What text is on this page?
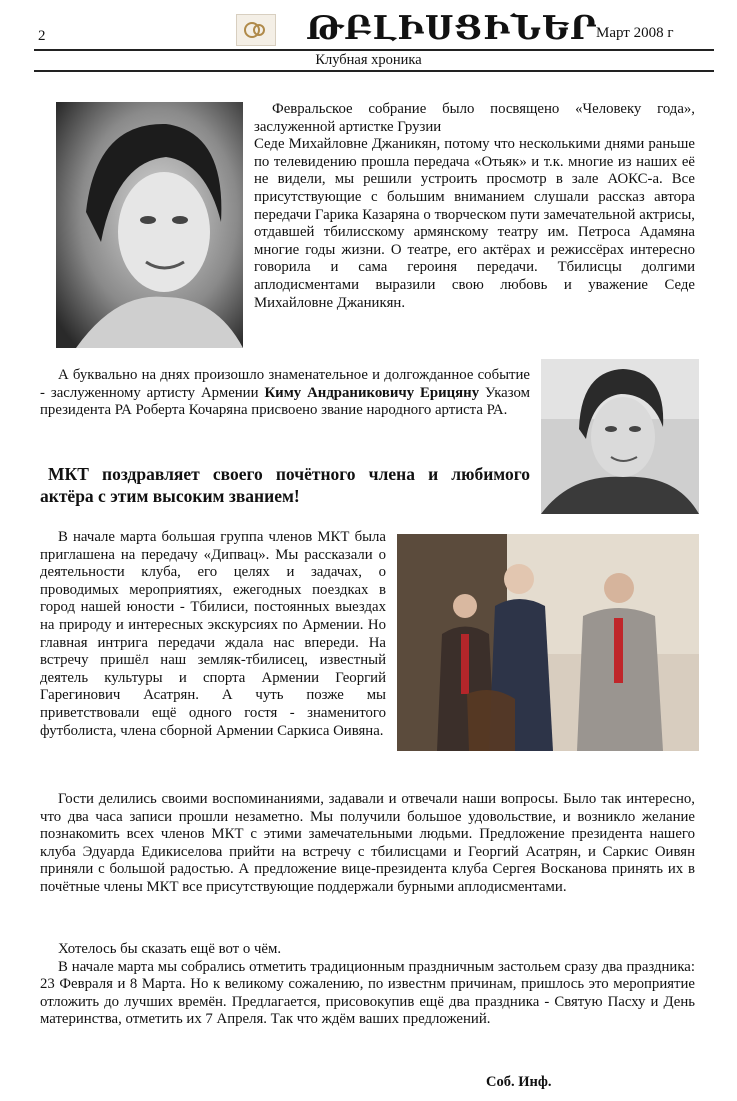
2	ԹԲԼԻՍՑԻՆԵՐ
Март 2008 г
Клубная хроника

Февральское собрание было посвящено «Человеку года», заслуженной артистке Грузии

Седе Михайловне Джаникян, потому что несколькими днями раньше по телевидению прошла передача «Отьяк» и т.к. многие из наших её не видели, мы решили устроить просмотр в зале АОКС-а. Все присутствующие с большим вниманием слушали рассказ автора передачи Гарика Казаряна о творческом пути замечательной актрисы, отдавшей тбилисскому армянскому театру им. Петроса Адамяна многие годы жизни. О театре, его актёрах и режиссёрах интересно говорила и сама героиня передачи. Тбилисцы долгими аплодисментами выразили свою любовь и уважение Седе Михайловне Джаникян.

А буквально на днях произошло знаменательное и долгожданное событие - заслуженному артисту Армении Киму Андраниковичу Ерицяну Указом президента РА Роберта Кочаряна присвоено звание народного артиста РА.

МКТ поздравляет своего почётного члена и любимого актёра с этим высоким званием!

В начале марта большая группа членов МКТ была приглашена на передачу «Дипвац». Мы рассказали о деятельности клуба, его целях и задачах, о проводимых мероприятиях, ежегодных поездках в город нашей юности - Тбилиси, постоянных выездах на природу и интересных экскурсиях по Армении. Но главная интрига передачи ждала нас впереди. На встречу пришёл наш земляк-тбилисец, известный деятель культуры и спорта Армении Георгий Гарегинович Асатрян. А чуть позже мы приветствовали ещё одного гостя - знаменитого футболиста, члена сборной Армении Саркиса Оивяна.

Гости делились своими воспоминаниями, задавали и отвечали наши вопросы. Было так интересно, что два часа записи прошли незаметно. Мы получили большое удовольствие, и возникло желание познакомить всех членов МКТ с этими замечательными людьми. Предложение президента нашего клуба Эдуарда Едикиселова прийти на встречу с тбилисцами и Георгий Асатрян, и Саркис Оивян приняли с большой радостью. А предложение вице-президента клуба Сергея Восканова принять их в почётные члены МКТ все присутствующие поддержали бурными аплодисментами.

Хотелось бы сказать ещё вот о чём.

В начале марта мы собрались отметить традиционным праздничным застольем сразу два праздника: 23 Февраля и 8 Марта. Но к великому сожалению, по известнм причинам, пришлось это мероприятие отложить до лучших времён. Предлагается, присовокупив ещё два праздника - Святую Пасху и День материнства, отметить их 7 Апреля. Так что ждём ваших предложений.

Соб. Инф.
